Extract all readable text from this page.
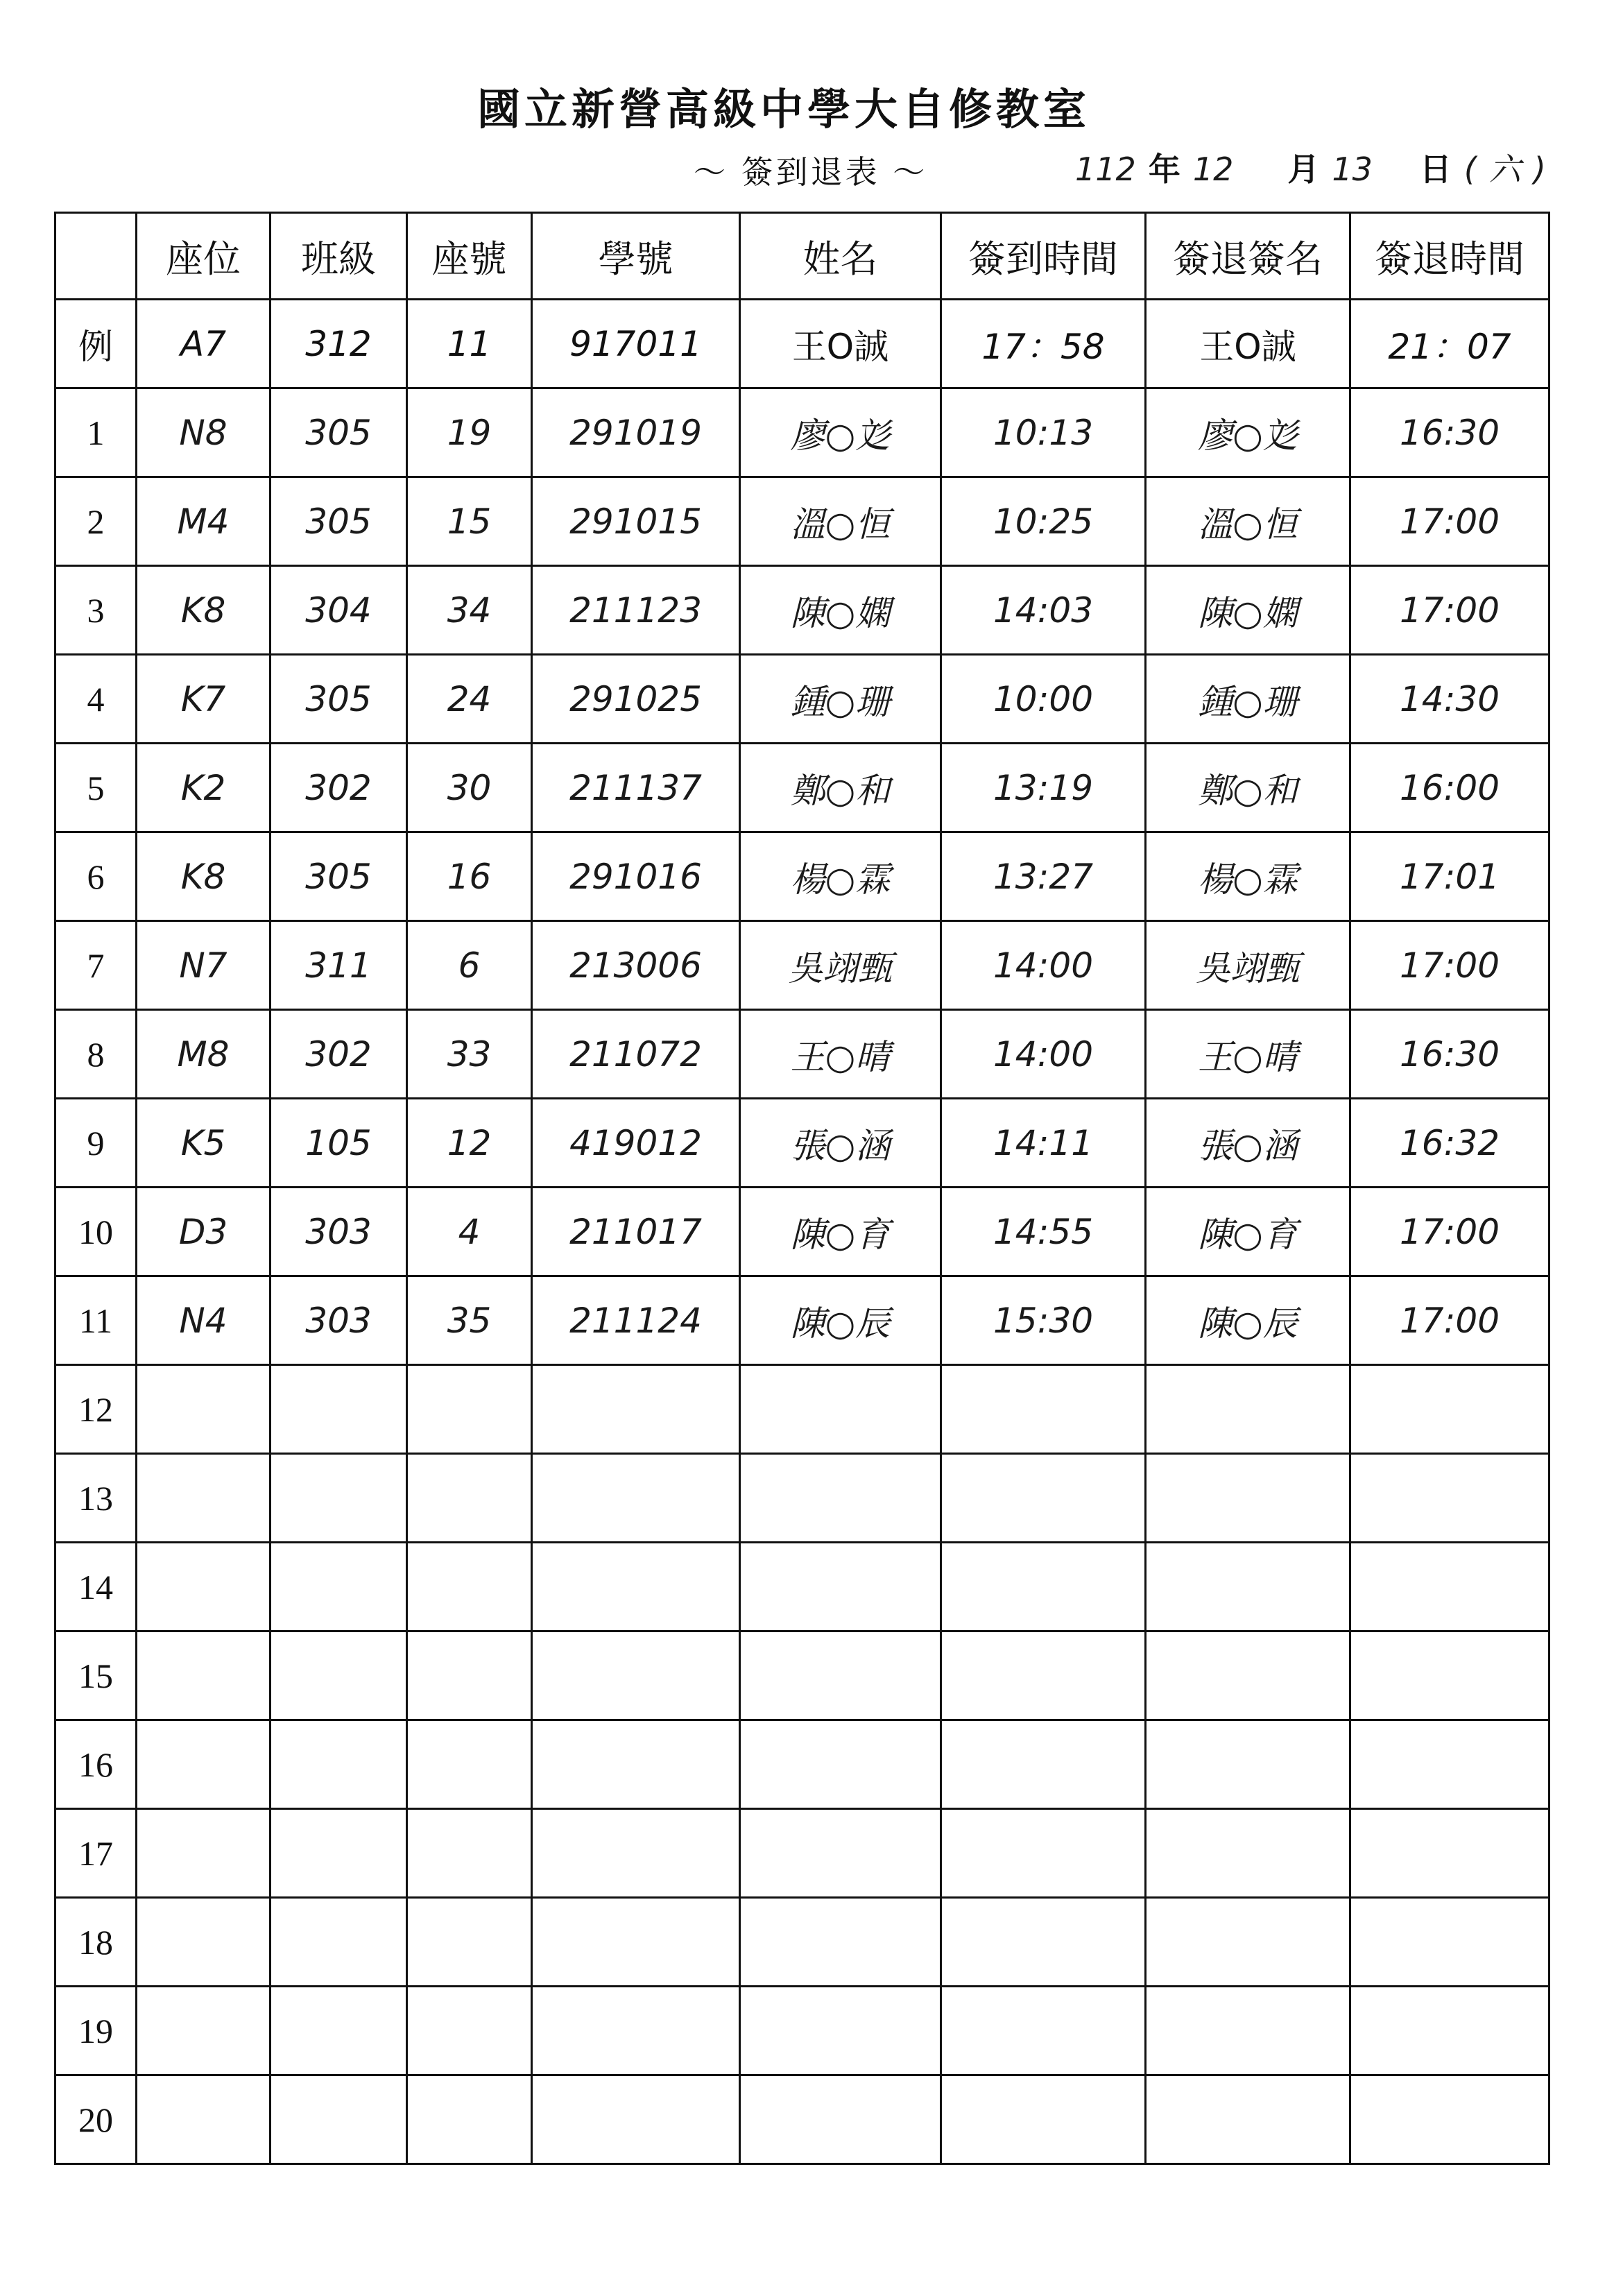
國立新營高級中學大自修教室
～ 簽到退表 ～	112 年 12 月 13 日 ( 六 )
	座位	班級	座號	學號	姓名	簽到時間	簽退簽名	簽退時間
例	A7	312	11	917011	王O誠	17：58	王O誠	21：07
1	N8	305	19	291019	廖○彣	10:13	廖○彣	16:30
2	M4	305	15	291015	溫○恒	10:25	溫○恒	17:00
3	K8	304	34	211123	陳○嫻	14:03	陳○嫻	17:00
4	K7	305	24	291025	鍾○珊	10:00	鍾○珊	14:30
5	K2	302	30	211137	鄭○和	13:19	鄭○和	16:00
6	K8	305	16	291016	楊○霖	13:27	楊○霖	17:01
7	N7	311	6	213006	吳翊甄	14:00	吳翊甄	17:00
8	M8	302	33	211072	王○晴	14:00	王○晴	16:30
9	K5	105	12	419012	張○涵	14:11	張○涵	16:32
10	D3	303	4	211017	陳○育	14:55	陳○育	17:00
11	N4	303	35	211124	陳○辰	15:30	陳○辰	17:00
12								
13								
14								
15								
16								
17								
18								
19								
20								
